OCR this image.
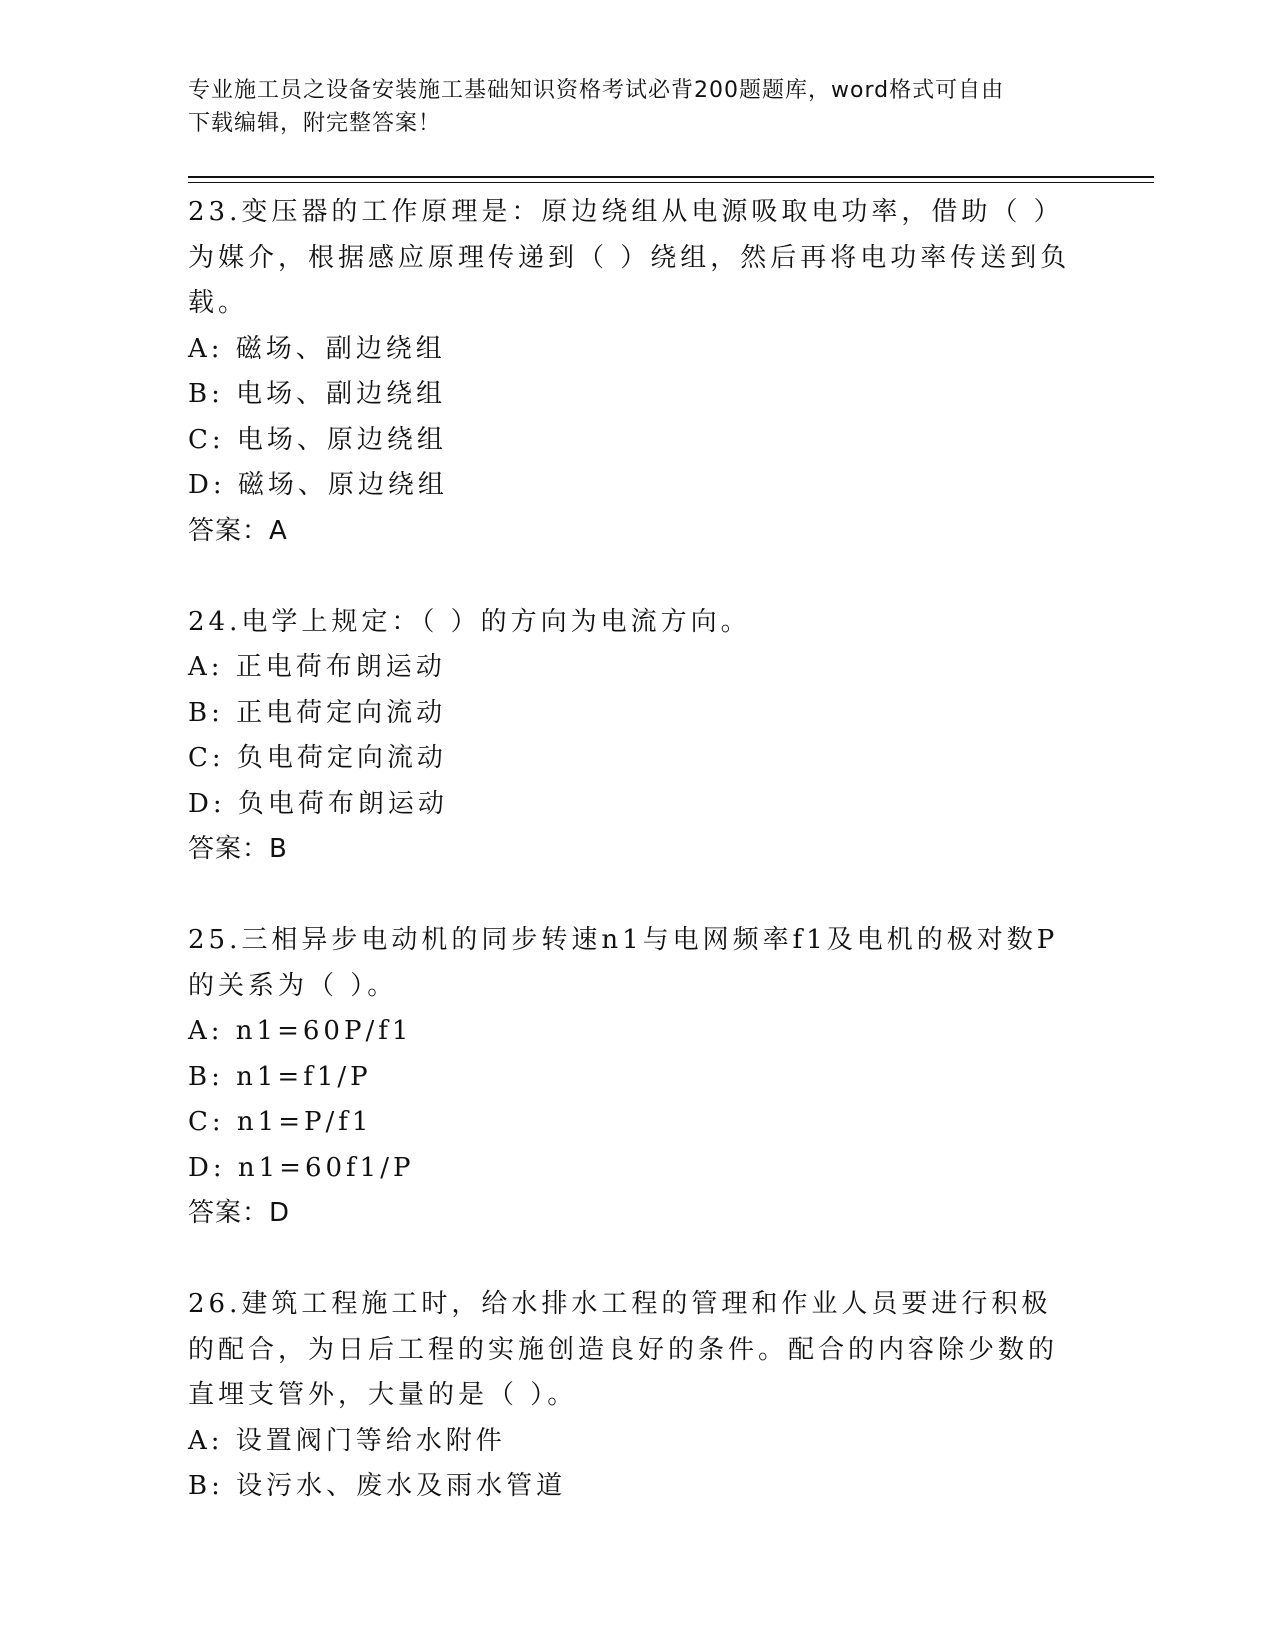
专业施工员之设备安装施工基础知识资格考试必背200题题库，word格式可自由
下载编辑，附完整答案！
23.变压器的工作原理是：原边绕组从电源吸取电功率，借助（ ）为媒介，根据感应原理传递到（ ）绕组，然后再将电功率传送到负载。
A: 磁场、副边绕组
B: 电场、副边绕组
C: 电场、原边绕组
D: 磁场、原边绕组
答案：A
24.电学上规定：（ ）的方向为电流方向。
A: 正电荷布朗运动
B: 正电荷定向流动
C: 负电荷定向流动
D: 负电荷布朗运动
答案：B
25.三相异步电动机的同步转速n1与电网频率f1及电机的极对数P的关系为（ ）。
A: n1=60P/f1
B: n1=f1/P
C: n1=P/f1
D: n1=60f1/P
答案：D
26.建筑工程施工时，给水排水工程的管理和作业人员要进行积极的配合，为日后工程的实施创造良好的条件。配合的内容除少数的直埋支管外，大量的是（ ）。
A: 设置阀门等给水附件
B: 设污水、废水及雨水管道
